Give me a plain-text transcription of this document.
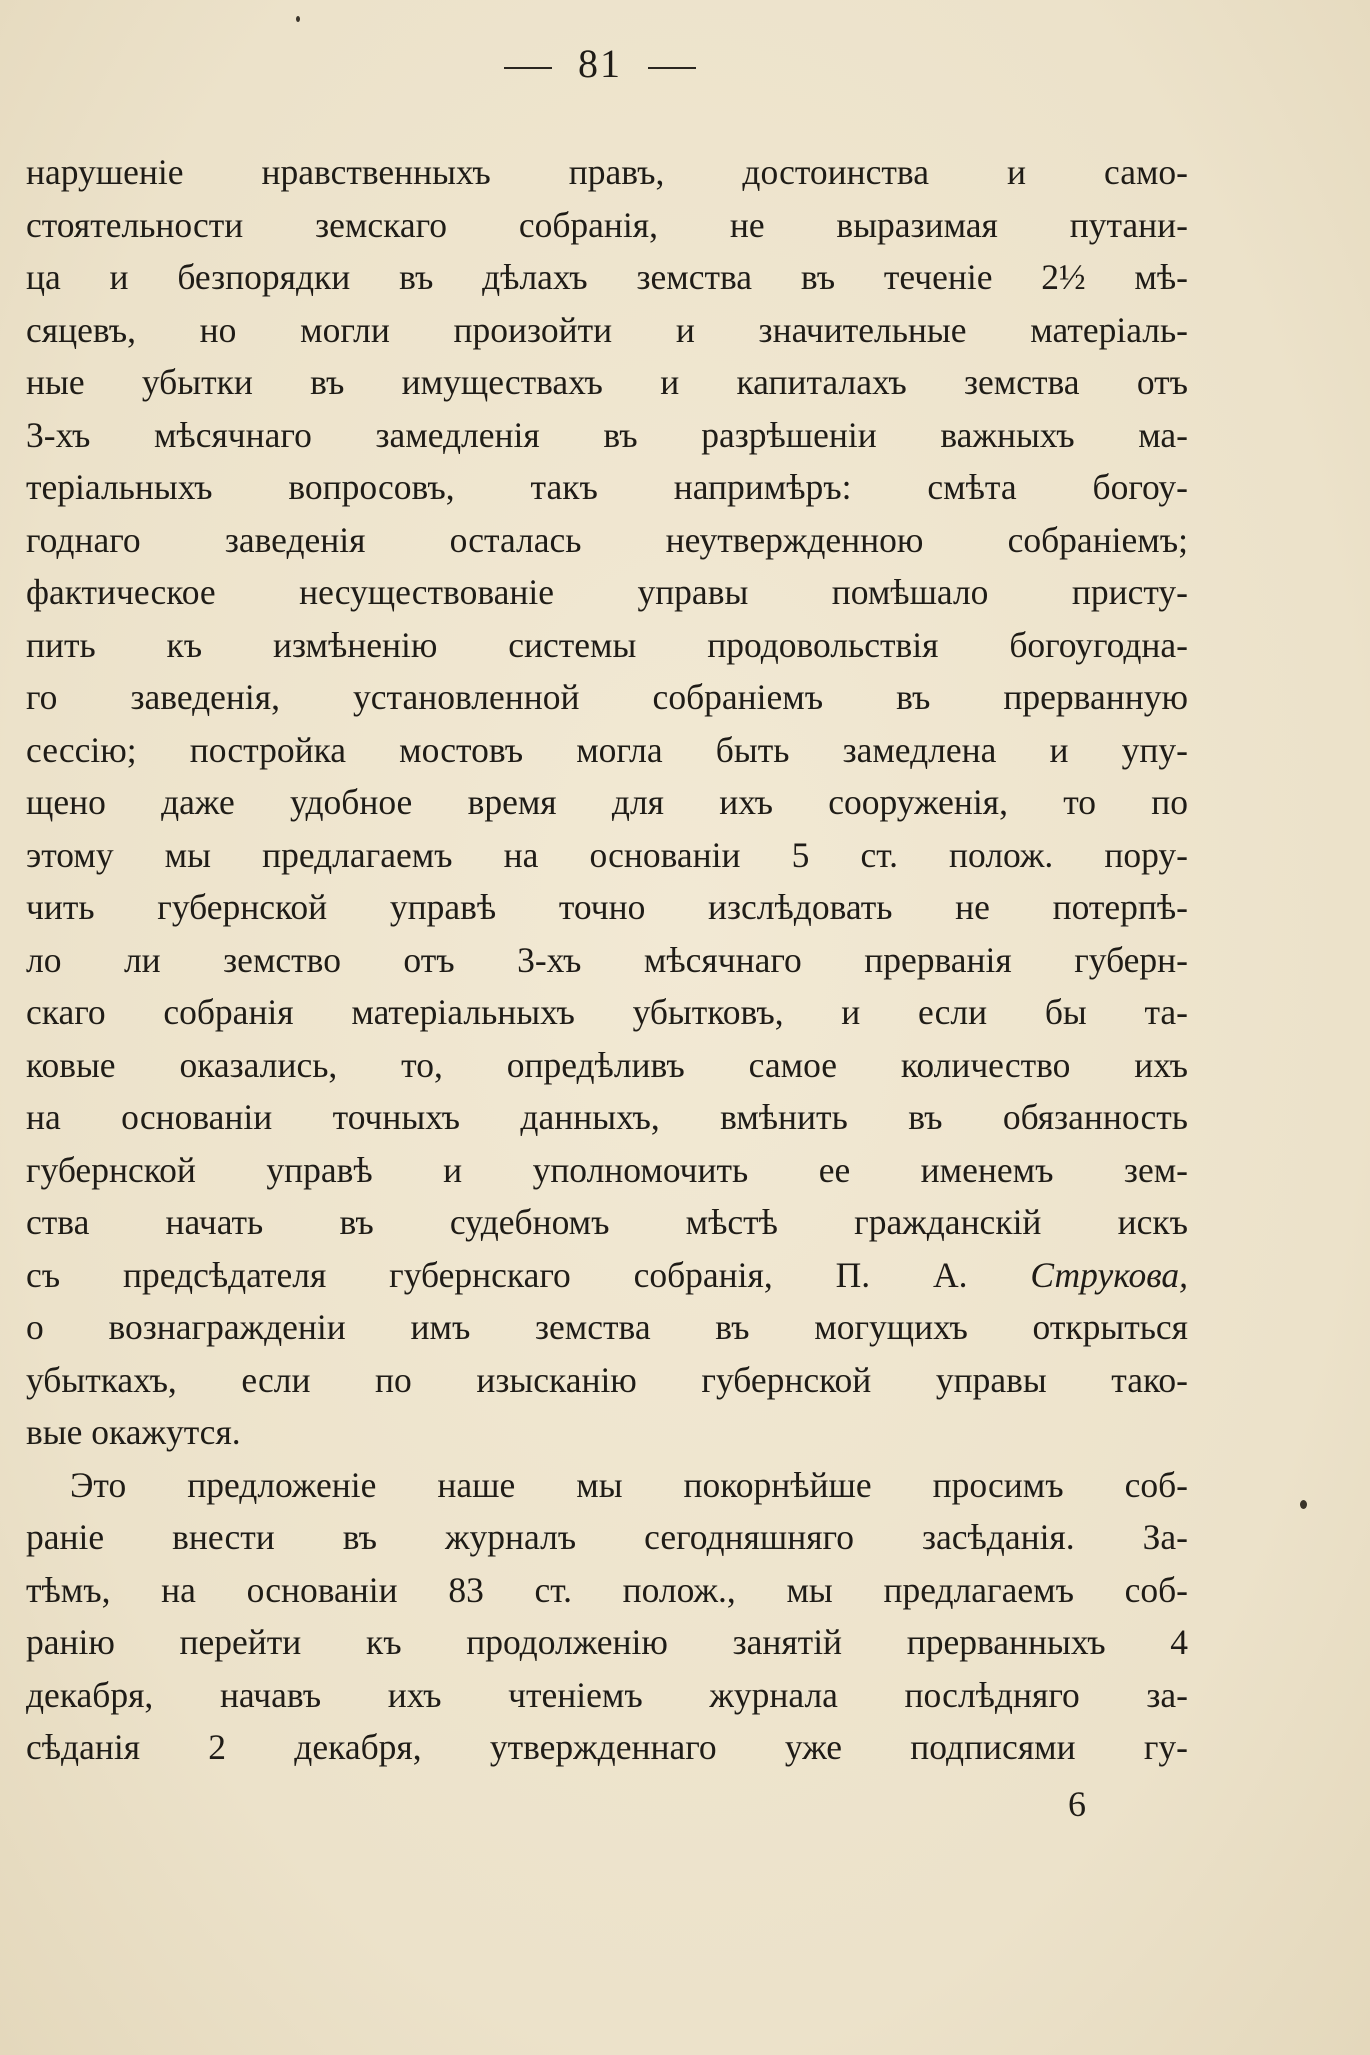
81
нарушеніе нравственныхъ правъ, достоинства и само-
стоятельности земскаго собранія, не выразимая путани-
ца и безпорядки въ дѣлахъ земства въ теченіе 2½ мѣ-
сяцевъ, но могли произойти и значительные матеріаль-
ные убытки въ имуществахъ и капиталахъ земства отъ
3-хъ мѣсячнаго замедленія въ разрѣшеніи важныхъ ма-
теріальныхъ вопросовъ, такъ напримѣръ: смѣта богоу-
годнаго заведенія осталась неутвержденною собраніемъ;
фактическое несуществованіе управы помѣшало присту-
пить къ измѣненію системы продовольствія богоугодна-
го заведенія, установленной собраніемъ въ прерванную
сессію; постройка мостовъ могла быть замедлена и упу-
щено даже удобное время для ихъ сооруженія, то по
этому мы предлагаемъ на основаніи 5 ст. полож. пору-
чить губернской управѣ точно изслѣдовать не потерпѣ-
ло ли земство отъ 3-хъ мѣсячнаго прерванія губерн-
скаго собранія матеріальныхъ убытковъ, и если бы та-
ковые оказались, то, опредѣливъ самое количество ихъ
на основаніи точныхъ данныхъ, вмѣнить въ обязанность
губернской управѣ и уполномочить ее именемъ зем-
ства начать въ судебномъ мѣстѣ гражданскій искъ
съ предсѣдателя губернскаго собранія, П. А. Струкова,
о вознагражденіи имъ земства въ могущихъ открыться
убыткахъ, если по изысканію губернской управы тако-
вые окажутся.
Это предложеніе наше мы покорнѣйше просимъ соб-
раніе внести въ журналъ сегодняшняго засѣданія. За-
тѣмъ, на основаніи 83 ст. полож., мы предлагаемъ соб-
ранію перейти къ продолженію занятій прерванныхъ 4
декабря, начавъ ихъ чтеніемъ журнала послѣдняго за-
сѣданія 2 декабря, утвержденнаго уже подписями гу-
6
